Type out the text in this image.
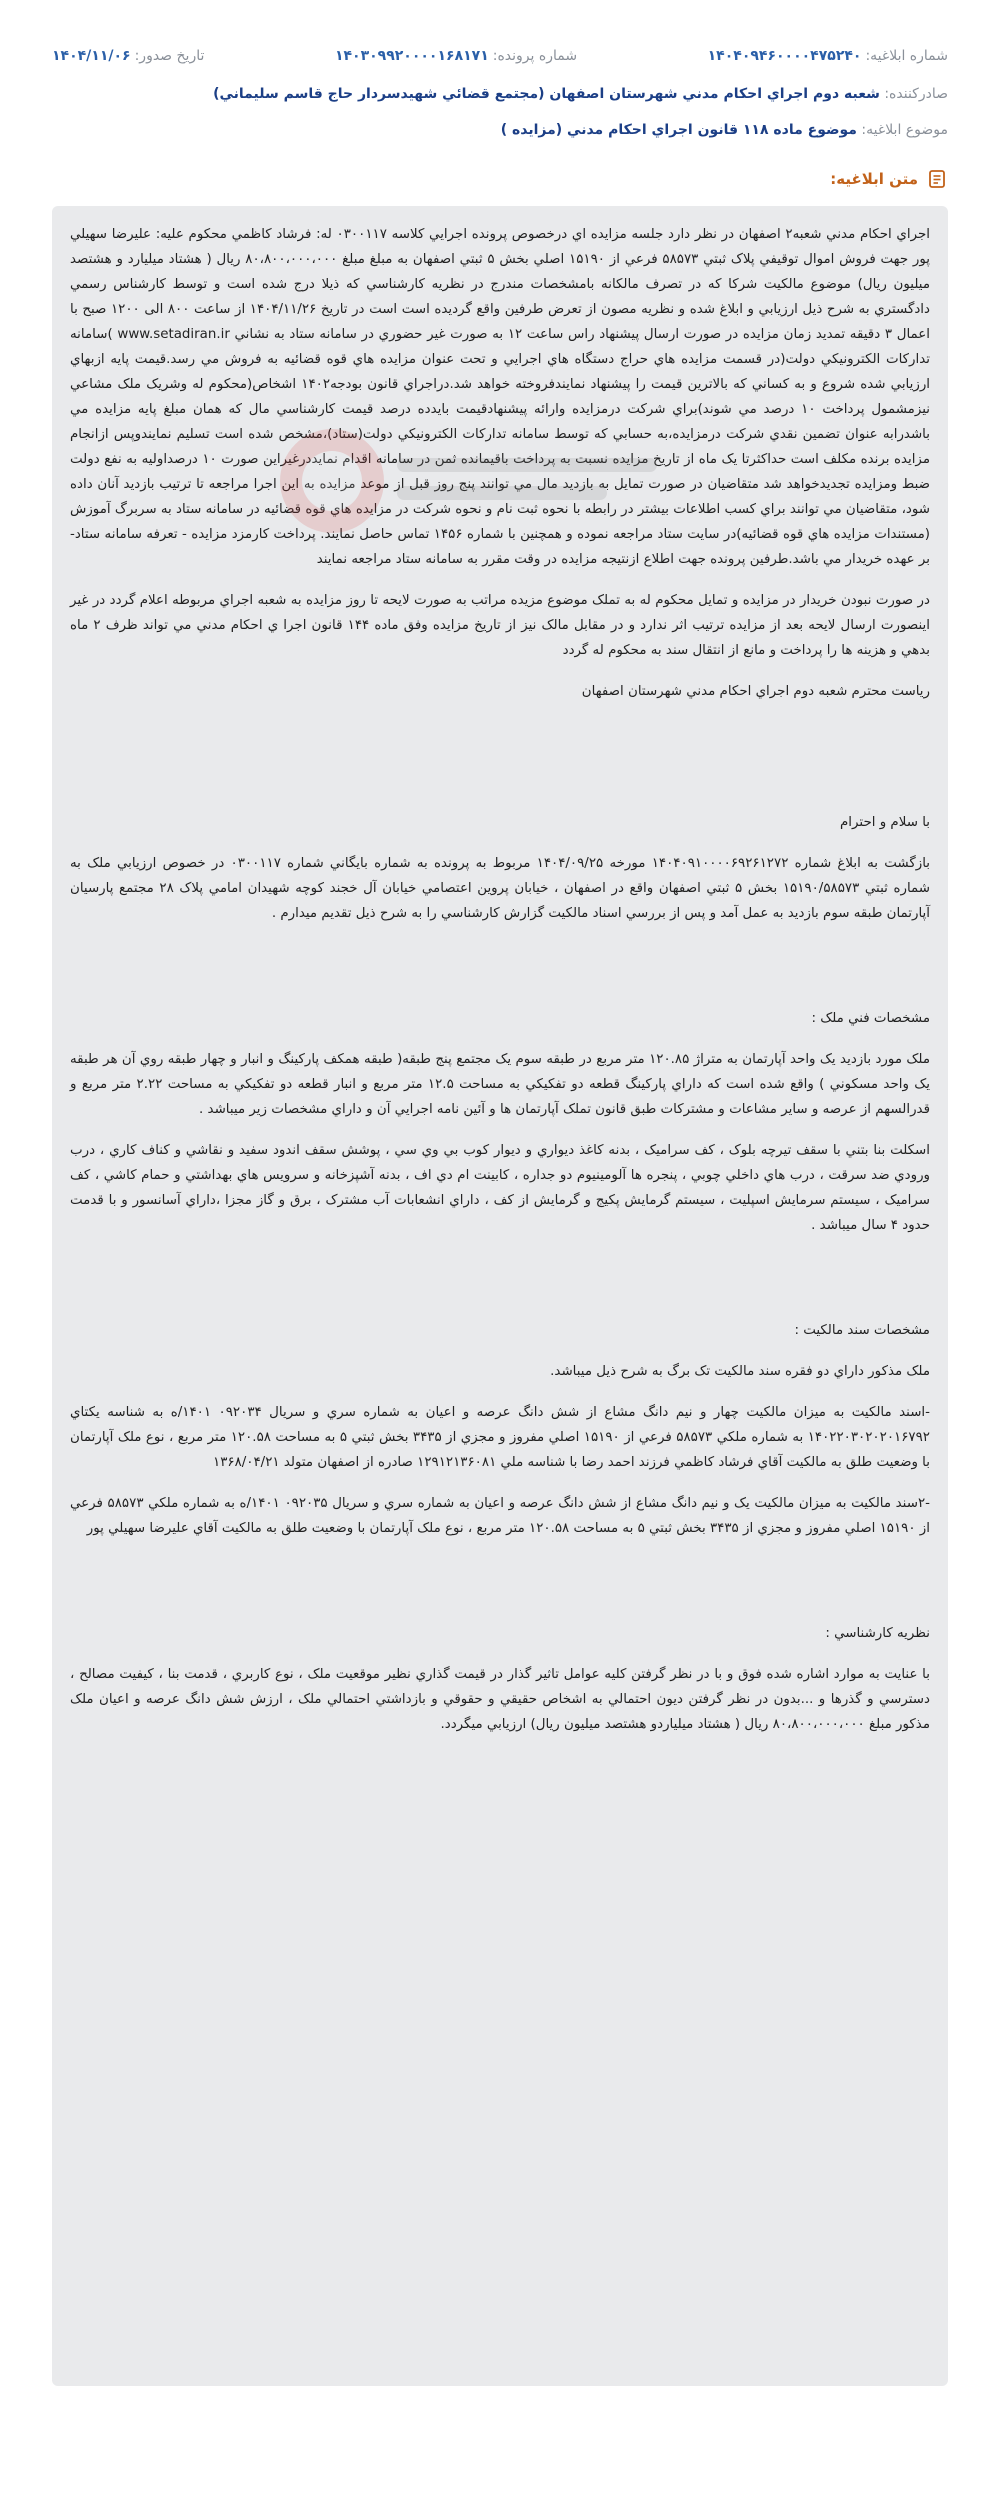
شماره ابلاغیه:
۱۴۰۴۰۹۴۶۰۰۰۰۴۷۵۲۴۰
شماره پرونده:
۱۴۰۳۰۹۹۲۰۰۰۰۱۶۸۱۷۱
تاریخ صدور:
۱۴۰۴/۱۱/۰۶
صادرکننده: شعبه دوم اجراي احکام مدني شهرستان اصفهان (مجتمع قضائي شهيدسردار حاج قاسم سليماني)
موضوع ابلاغیه: موضوع ماده ۱۱۸ قانون اجراي احکام مدني (مزايده )
متن ابلاغیه:

اجراي احکام مدني شعبه۲ اصفهان در نظر دارد جلسه مزايده اي درخصوص پرونده اجرايي کلاسه ۰۳۰۰۱۱۷ له: فرشاد کاظمي محکوم عليه: عليرضا سهيلي پور جهت فروش اموال توقيفي پلاک ثبتي ۵۸۵۷۳ فرعي از ۱۵۱۹۰ اصلي بخش ۵ ثبتي اصفهان به مبلغ مبلغ ۸۰،۸۰۰،۰۰۰،۰۰۰ ريال ( هشتاد ميليارد و هشتصد ميليون ريال) موضوع مالکيت شرکا که در تصرف مالکانه بامشخصات مندرج در نظريه کارشناسي که ذيلا درج شده است و توسط کارشناس رسمي دادگستري به شرح ذيل ارزيابي و ابلاغ شده و نظريه مصون از تعرض طرفين واقع گرديده است است در تاريخ ۱۴۰۴/۱۱/۲۶ از ساعت ۸۰۰ الی ۱۲۰۰ صبح با اعمال ۳ دقيقه تمديد زمان مزايده در صورت ارسال پيشنهاد راس ساعت ۱۲ به صورت غير حضوري در سامانه ستاد به نشاني www.setadiran.ir )سامانه تدارکات الکترونيکي دولت(در قسمت مزايده هاي حراج دستگاه هاي اجرايي و تحت عنوان مزايده هاي قوه قضائيه به فروش مي رسد.قيمت پايه ازبهاي ارزيابي شده شروع و به کساني که بالاترين قيمت را پيشنهاد نمايندفروخته خواهد شد.دراجراي قانون بودجه۱۴۰۲ اشخاص(محکوم له وشريک ملک مشاعي نيزمشمول پرداخت ۱۰ درصد مي شوند)براي شرکت درمزايده وارائه پيشنهادقيمت بايدده درصد قيمت کارشناسي مال که همان مبلغ پايه مزايده مي باشدرابه عنوان تضمين نقدي شرکت درمزايده،به حسابي که توسط سامانه تدارکات الکترونيکي دولت(ستاد)،مشخص شده است تسليم نمايندوپس ازانجام مزايده برنده مکلف است حداکثرتا يک ماه از تاريخ مزايده نسبت به پرداخت باقيمانده ثمن در سامانه اقدام نمايددرغيراين صورت ۱۰ درصداوليه به نفع دولت ضبط ومزايده تجديدخواهد شد متقاضيان در صورت تمايل به بازديد مال مي توانند پنج روز قبل از موعد مزايده به اين اجرا مراجعه تا ترتيب بازديد آنان داده شود، متقاضيان مي توانند براي کسب اطلاعات بيشتر در رابطه با نحوه ثبت نام و نحوه شرکت در مزايده هاي قوه قضائيه در سامانه ستاد به سربرگ آموزش (مستندات مزايده هاي قوه قضائيه)در سايت ستاد مراجعه نموده و همچنين با شماره ۱۴۵۶ تماس حاصل نمايند. پرداخت کارمزد مزايده - تعرفه سامانه ستاد- بر عهده خريدار مي باشد.طرفين پرونده جهت اطلاع ازنتيجه مزايده در وقت مقرر به سامانه ستاد مراجعه نمايند

در صورت نبودن خريدار در مزايده و تمايل محکوم له به تملک موضوع مزيده مراتب به صورت لايحه تا روز مزايده به شعبه اجراي مربوطه اعلام گردد در غير اينصورت ارسال لايحه بعد از مزايده ترتيب اثر ندارد و در مقابل مالک نيز از تاريخ مزايده وفق ماده ۱۴۴ قانون اجرا ي احکام مدني مي تواند ظرف ۲ ماه بدهي و هزينه ها را پرداخت و مانع از انتقال سند به محکوم له گردد

رياست محترم شعبه دوم اجراي احکام مدني شهرستان اصفهان

با سلام و احترام

بازگشت به ابلاغ شماره ۱۴۰۴۰۹۱۰۰۰۰۶۹۲۶۱۲۷۲ مورخه ۱۴۰۴/۰۹/۲۵ مربوط به پرونده به شماره بايگاني شماره ۰۳۰۰۱۱۷ در خصوص ارزيابي ملک به شماره ثبتي ۱۵۱۹۰/۵۸۵۷۳ بخش ۵ ثبتي اصفهان واقع در اصفهان ، خيابان پروين اعتصامي خيابان آل خجند کوچه شهيدان امامي پلاک ۲۸ مجتمع پارسيان آپارتمان طبقه سوم بازديد به عمل آمد و پس از بررسي اسناد مالکيت گزارش کارشناسي را به شرح ذيل تقديم ميدارم .

مشخصات فني ملک :

ملک مورد بازديد يک واحد آپارتمان به متراژ ۱۲۰.۸۵ متر مربع در طبقه سوم يک مجتمع پنج طبقه( طبقه همکف پارکينگ و انبار و چهار طبقه روي آن هر طبقه يک واحد مسکوني ) واقع شده است که داراي پارکينگ قطعه دو تفکيکي به مساحت ۱۲.۵ متر مربع و انبار قطعه دو تفکيکي به مساحت ۲.۲۲ متر مربع و قدرالسهم از عرصه و ساير مشاعات و مشترکات طبق قانون تملک آپارتمان ها و آئين نامه اجرايي آن و داراي مشخصات زير ميباشد .

اسکلت بنا بتني با سقف تيرچه بلوک ، کف سراميک ، بدنه کاغذ ديواري و ديوار کوب بي وي سي ، پوشش سقف اندود سفيد و نقاشي و کناف کاري ، درب ورودي ضد سرقت ، درب هاي داخلي چوبي ، پنجره ها آلومينيوم دو جداره ، کابينت ام دي اف ، بدنه آشپزخانه و سرويس هاي بهداشتي و حمام کاشي ، کف سراميک ، سيستم سرمايش اسپليت ، سيستم گرمايش پکيج و گرمايش از کف ، داراي انشعابات آب مشترک ، برق و گاز مجزا ،داراي آسانسور و با قدمت حدود ۴ سال ميباشد .

مشخصات سند مالکيت :

ملک مذکور داراي دو فقره سند مالکيت تک برگ به شرح ذيل ميباشد.

-اسند مالکيت به ميزان مالکيت چهار و نيم دانگ مشاع از شش دانگ عرصه و اعيان به شماره سري و سريال ۰۹۲۰۳۴ ۱۴۰۱/ه به شناسه يکتاي ۱۴۰۲۲۰۳۰۲۰۲۰۱۶۷۹۲ به شماره ملکي ۵۸۵۷۳ فرعي از ۱۵۱۹۰ اصلي مفروز و مجزي از ۳۴۳۵ بخش ثبتي ۵ به مساحت ۱۲۰.۵۸ متر مربع ، نوع ملک آپارتمان با وضعيت طلق به مالکيت آقاي فرشاد کاظمي فرزند احمد رضا با شناسه ملي ۱۲۹۱۲۱۳۶۰۸۱ صادره از اصفهان متولد ۱۳۶۸/۰۴/۲۱

-۲سند مالکيت به ميزان مالکيت يک و نيم دانگ مشاع از شش دانگ عرصه و اعيان به شماره سري و سريال ۰۹۲۰۳۵ ۱۴۰۱/ه به شماره ملکي ۵۸۵۷۳ فرعي از ۱۵۱۹۰ اصلي مفروز و مجزي از ۳۴۳۵ بخش ثبتي ۵ به مساحت ۱۲۰.۵۸ متر مربع ، نوع ملک آپارتمان با وضعيت طلق به مالکيت آقاي عليرضا سهيلي پور

نظريه کارشناسي :

با عنايت به موارد اشاره شده فوق و با در نظر گرفتن کليه عوامل تاثير گذار در قيمت گذاري نظير موقعيت ملک ، نوع کاربري ، قدمت بنا ، کيفيت مصالح ، دسترسي و گذرها و ...بدون در نظر گرفتن ديون احتمالي به اشخاص حقيقي و حقوقي و بازداشتي احتمالي ملک ، ارزش شش دانگ عرصه و اعيان ملک مذکور مبلغ ۸۰،۸۰۰،۰۰۰،۰۰۰ ريال ( هشتاد ميلياردو هشتصد ميليون ريال) ارزيابي ميگردد.
